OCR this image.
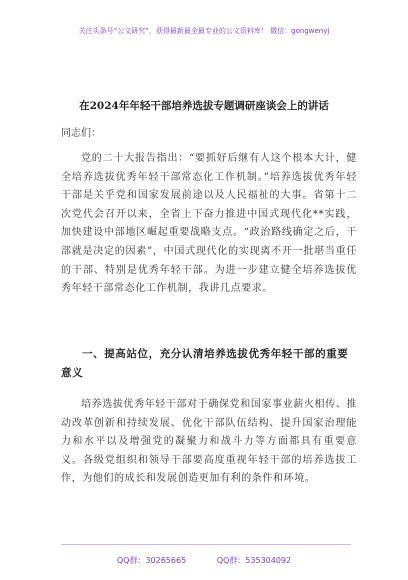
关注头条号“公文研究”，获得最新最全最专业的公文资料库！ 微信：gongwenyj
在2024年年轻干部培养选拔专题调研座谈会上的讲话
同志们：

党的二十大报告指出：“要抓好后继有人这个根本大计，健全培养选拔优秀年轻干部常态化工作机制。”培养选拔优秀年轻干部是关乎党和国家发展前途以及人民福祉的大事。省第十二次党代会召开以来，全省上下奋力推进中国式现代化**实践，加快建设中部地区崛起重要战略支点。“政治路线确定之后，干部就是决定的因素”，中国式现代化的实现离不开一批堪当重任的干部、特别是优秀年轻干部。为进一步建立健全培养选拔优秀年轻干部常态化工作机制，我讲几点要求。

一、提高站位，充分认清培养选拔优秀年轻干部的重要意义

培养选拔优秀年轻干部对于确保党和国家事业薪火相传、推动改革创新和持续发展、优化干部队伍结构、提升国家治理能力和水平以及增强党的凝聚力和战斗力等方面都具有重要意义。各级党组织和领导干部要高度重视年轻干部的培养选拔工作，为他们的成长和发展创造更加有利的条件和环境。

QQ群：30265665	QQ群：535304092
